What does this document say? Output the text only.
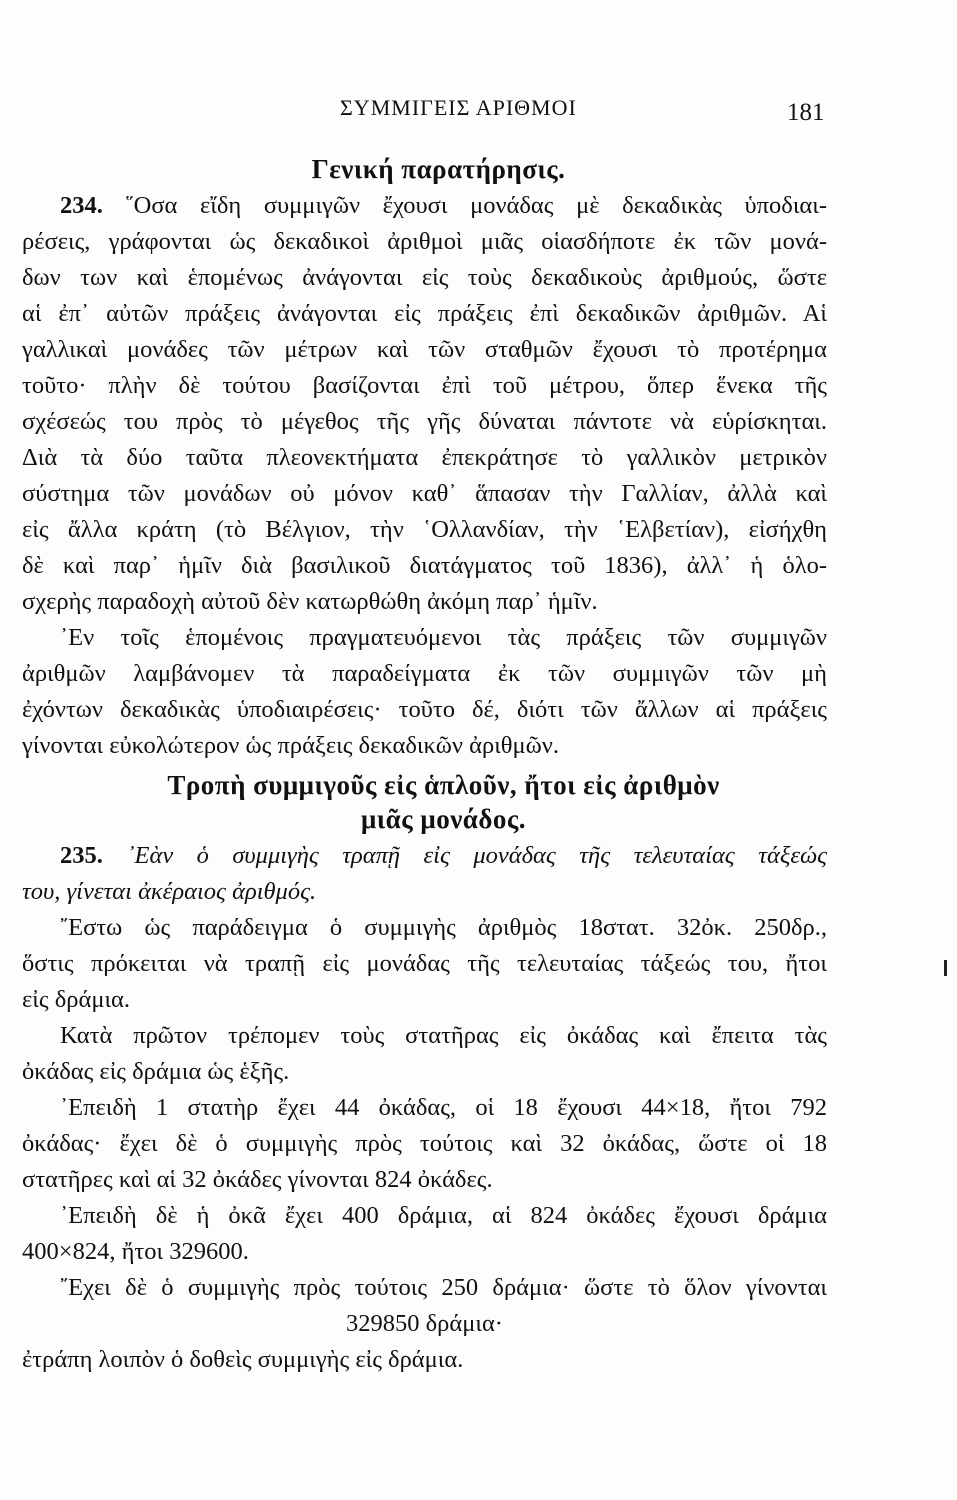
ΣΥΜΜΙΓΕΙΣ ΑΡΙΘΜΟΙ	181
Γενική παρατήρησις.
234. ῞Οσα εἴδη συμμιγῶν ἔχουσι μονάδας μὲ δεκαδικὰς ὑποδιαι-
ρέσεις, γράφονται ὡς δεκαδικοὶ ἀριθμοὶ μιᾶς οἱασδήποτε ἐκ τῶν μονά-
δων των καὶ ἑπομένως ἀνάγονται εἰς τοὺς δεκαδικοὺς ἀριθμούς, ὥστε
αἱ ἐπ᾽ αὐτῶν πράξεις ἀνάγονται εἰς πράξεις ἐπὶ δεκαδικῶν ἀριθμῶν. Αἱ
γαλλικαὶ μονάδες τῶν μέτρων καὶ τῶν σταθμῶν ἔχουσι τὸ προτέρημα
τοῦτο· πλὴν δὲ τούτου βασίζονται ἐπὶ τοῦ μέτρου, ὅπερ ἕνεκα τῆς
σχέσεώς του πρὸς τὸ μέγεθος τῆς γῆς δύναται πάντοτε νὰ εὑρίσκηται.
Διὰ τὰ δύο ταῦτα πλεονεκτήματα ἐπεκράτησε τὸ γαλλικὸν μετρικὸν
σύστημα τῶν μονάδων οὐ μόνον καθ᾽ ἅπασαν τὴν Γαλλίαν, ἀλλὰ καὶ
εἰς ἄλλα κράτη (τὸ Βέλγιον, τὴν ῾Ολλανδίαν, τὴν ῾Ελβετίαν), εἰσήχθη
δὲ καὶ παρ᾽ ἡμῖν διὰ βασιλικοῦ διατάγματος τοῦ 1836), ἀλλ᾽ ἡ ὁλο-
σχερὴς παραδοχὴ αὐτοῦ δὲν κατωρθώθη ἀκόμη παρ᾽ ἡμῖν.
᾽Εν τοῖς ἑπομένοις πραγματευόμενοι τὰς πράξεις τῶν συμμιγῶν
ἀριθμῶν λαμβάνομεν τὰ παραδείγματα ἐκ τῶν συμμιγῶν τῶν μὴ
ἐχόντων δεκαδικὰς ὑποδιαιρέσεις· τοῦτο δέ, διότι τῶν ἄλλων αἱ πράξεις
γίνονται εὐκολώτερον ὡς πράξεις δεκαδικῶν ἀριθμῶν.
Τροπὴ συμμιγοῦς εἰς ἁπλοῦν, ἤτοι εἰς ἀριθμὸν
μιᾶς μονάδος.
235. ᾽Εὰν ὁ συμμιγὴς τραπῇ εἰς μονάδας τῆς τελευταίας τάξεώς
του, γίνεται ἀκέραιος ἀριθμός.
῎Εστω ὡς παράδειγμα ὁ συμμιγὴς ἀριθμὸς 18στατ. 32ὀκ. 250δρ.,
ὅστις πρόκειται νὰ τραπῇ εἰς μονάδας τῆς τελευταίας τάξεώς του, ἤτοι
εἰς δράμια.
Κατὰ πρῶτον τρέπομεν τοὺς στατῆρας εἰς ὀκάδας καὶ ἔπειτα τὰς
ὀκάδας εἰς δράμια ὡς ἑξῆς.
᾽Επειδὴ 1 στατὴρ ἔχει 44 ὀκάδας, οἱ 18 ἔχουσι 44×18, ἤτοι 792
ὀκάδας· ἔχει δὲ ὁ συμμιγὴς πρὸς τούτοις καὶ 32 ὀκάδας, ὥστε οἱ 18
στατῆρες καὶ αἱ 32 ὀκάδες γίνονται 824 ὀκάδες.
᾽Επειδὴ δὲ ἡ ὀκᾶ ἔχει 400 δράμια, αἱ 824 ὀκάδες ἔχουσι δράμια
400×824, ἤτοι 329600.
῎Εχει δὲ ὁ συμμιγὴς πρὸς τούτοις 250 δράμια· ὥστε τὸ ὅλον γίνονται
329850 δράμια·
ἐτράπη λοιπὸν ὁ δοθεὶς συμμιγὴς εἰς δράμια.
